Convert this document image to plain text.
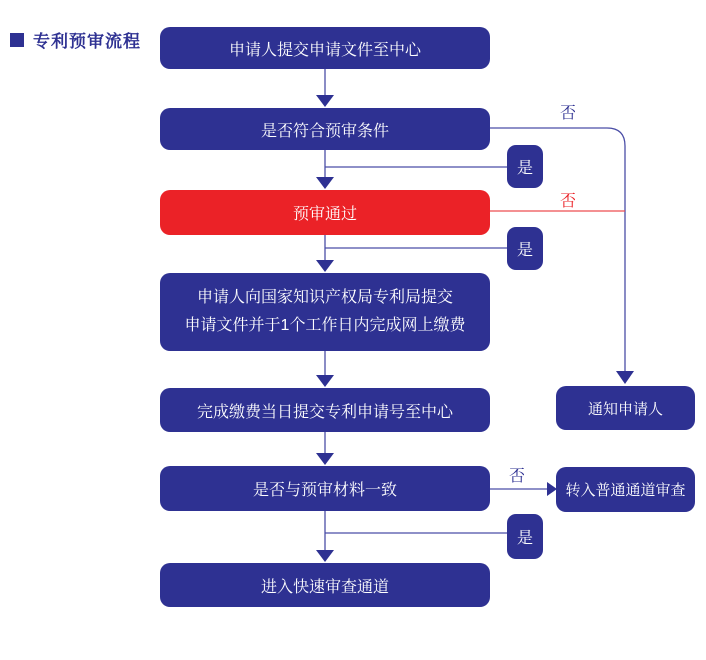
专利预审流程	申请人提交申请文件至中心
是否符合预审条件
预审通过
申请人向国家知识产权局专利局提交
申请文件并于1个工作日内完成网上缴费
完成缴费当日提交专利申请号至中心
是否与预审材料一致
进入快速审查通道
通知申请人
转入普通通道审查
是
是
是
否
否
否
